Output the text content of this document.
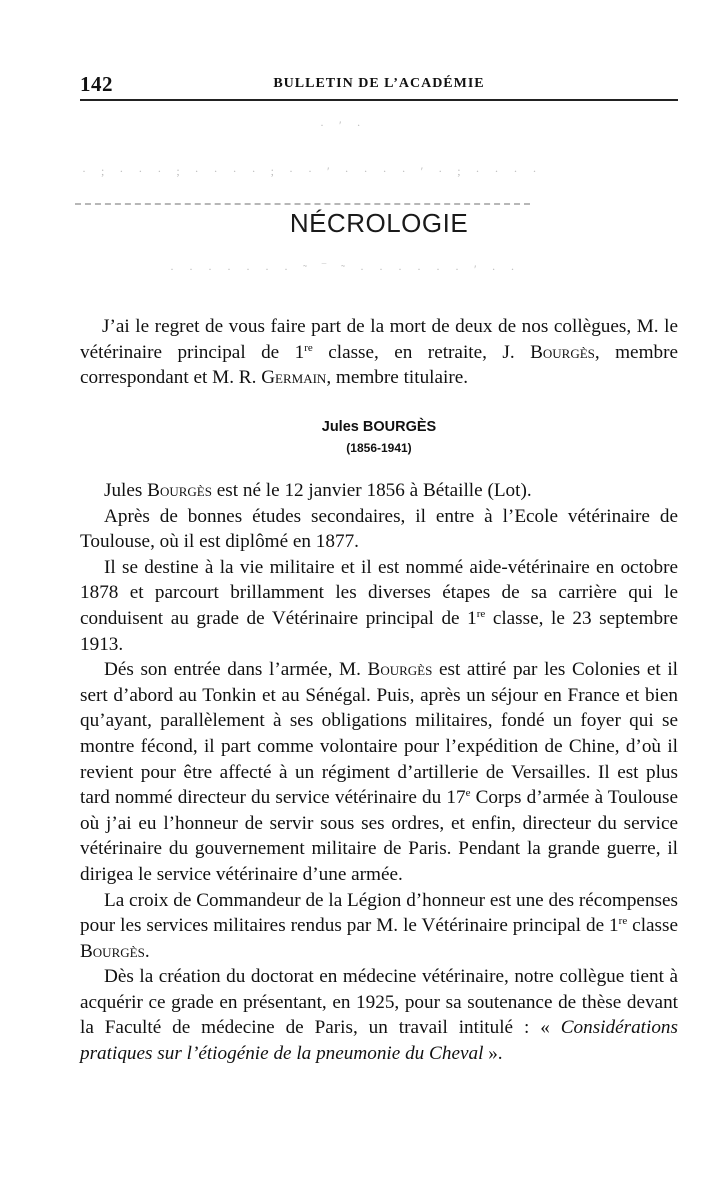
142	BULLETIN DE L’ACADÉMIE
· ′ ·
· ; · · · ; · · · · ; · · ′ · · · · ′ · ; · · · ·
NÉCROLOGIE
· · · · · · · ˜ ‾ ˜ · · · · · · ′ · ·

J’ai le regret de vous faire part de la mort de deux de nos collègues, M. le vétérinaire principal de 1re classe, en retraite, J. Bourgès, membre correspondant et M. R. Germain, membre titulaire.

Jules BOURGÈS
(1856-1941)

Jules Bourgès est né le 12 janvier 1856 à Bétaille (Lot).

Après de bonnes études secondaires, il entre à l’Ecole vétérinaire de Toulouse, où il est diplômé en 1877.

Il se destine à la vie militaire et il est nommé aide-vétérinaire en octobre 1878 et parcourt brillamment les diverses étapes de sa carrière qui le conduisent au grade de Vétérinaire principal de 1re classe, le 23 septembre 1913.

Dés son entrée dans l’armée, M. Bourgès est attiré par les Colonies et il sert d’abord au Tonkin et au Sénégal. Puis, après un séjour en France et bien qu’ayant, parallèlement à ses obligations militaires, fondé un foyer qui se montre fécond, il part comme volontaire pour l’expédition de Chine, d’où il revient pour être affecté à un régiment d’artillerie de Versailles. Il est plus tard nommé directeur du service vétérinaire du 17e Corps d’armée à Toulouse où j’ai eu l’honneur de servir sous ses ordres, et enfin, directeur du service vétérinaire du gouvernement militaire de Paris. Pendant la grande guerre, il dirigea le service vétérinaire d’une armée.

La croix de Commandeur de la Légion d’honneur est une des récompenses pour les services militaires rendus par M. le Vétérinaire principal de 1re classe Bourgès.

Dès la création du doctorat en médecine vétérinaire, notre collègue tient à acquérir ce grade en présentant, en 1925, pour sa soutenance de thèse devant la Faculté de médecine de Paris, un travail intitulé : « Considérations pratiques sur l’étiogénie de la pneumonie du Cheval ».
